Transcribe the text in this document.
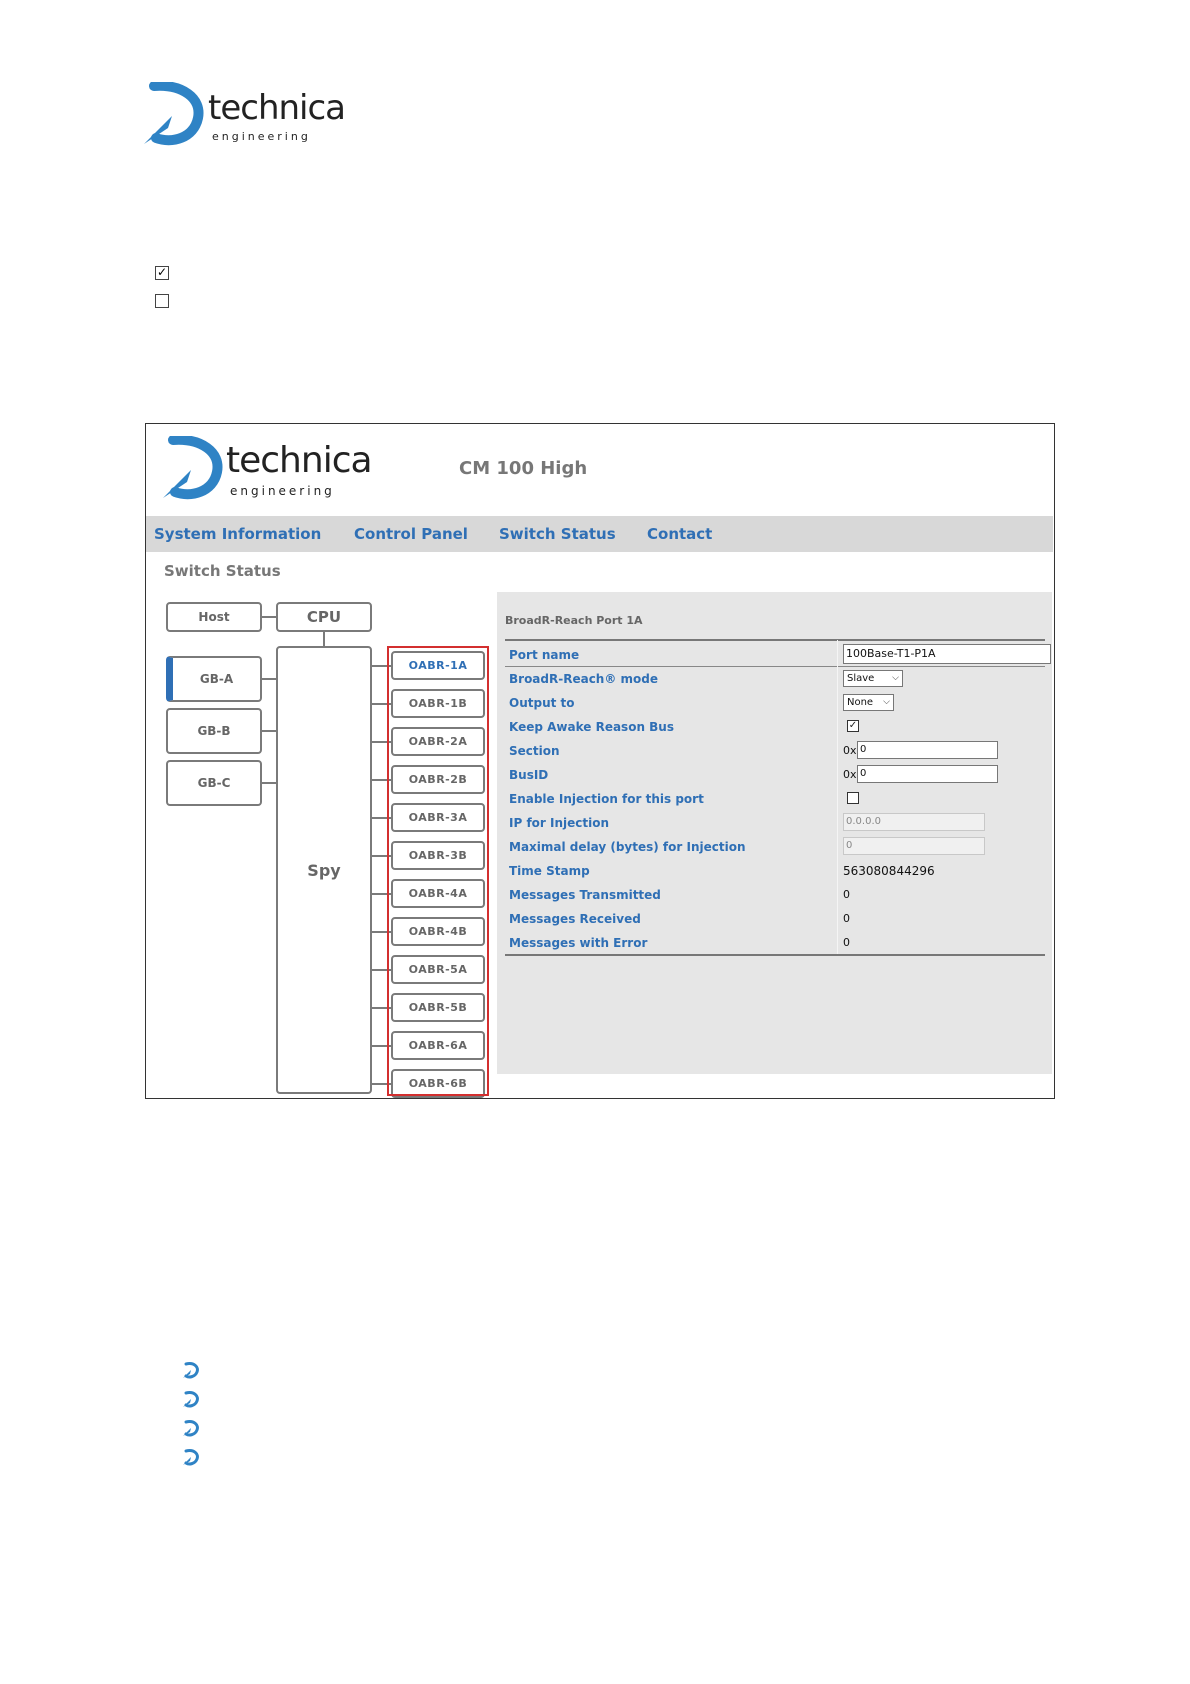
technica
engineering
✓
technica
engineering
CM 100 High
System Information Control Panel Switch Status Contact
Switch Status
Host	CPU
GB-A
GB-B
GB-C
Spy
OABR-1A
OABR-1B
OABR-2A
OABR-2B
OABR-3A
OABR-3B
OABR-4A
OABR-4B
OABR-5A
OABR-5B
OABR-6A
OABR-6B
BroadR-Reach Port 1A
Port name	100Base-T1-P1A
BroadR-Reach® mode	Slave ⌵
Output to	None ⌵
Keep Awake Reason Bus	✓
Section	0x 0
BusID	0x 0
Enable Injection for this port
IP for Injection	0.0.0.0
Maximal delay (bytes) for Injection	0
Time Stamp	563080844296
Messages Transmitted	0
Messages Received	0
Messages with Error	0
